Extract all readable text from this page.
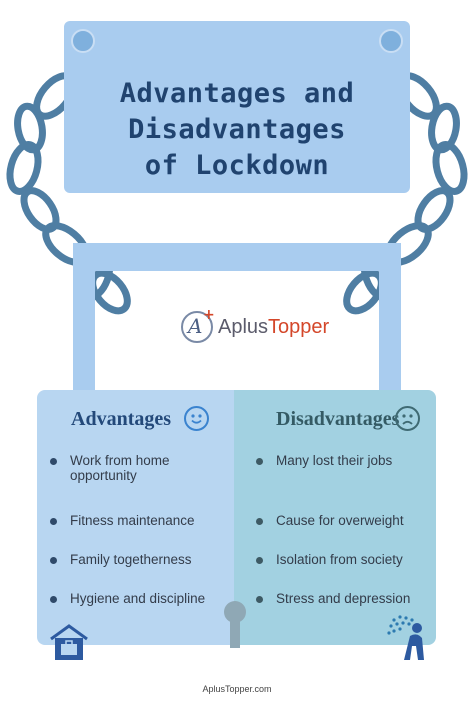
Advantages and
Disadvantages
of Lockdown
A +
AplusTopper
Advantages
Work from home opportunity
Fitness maintenance
Family togetherness
Hygiene and discipline
Disadvantages
Many lost their jobs
Cause for overweight
Isolation from society
Stress and depression
AplusTopper.com
